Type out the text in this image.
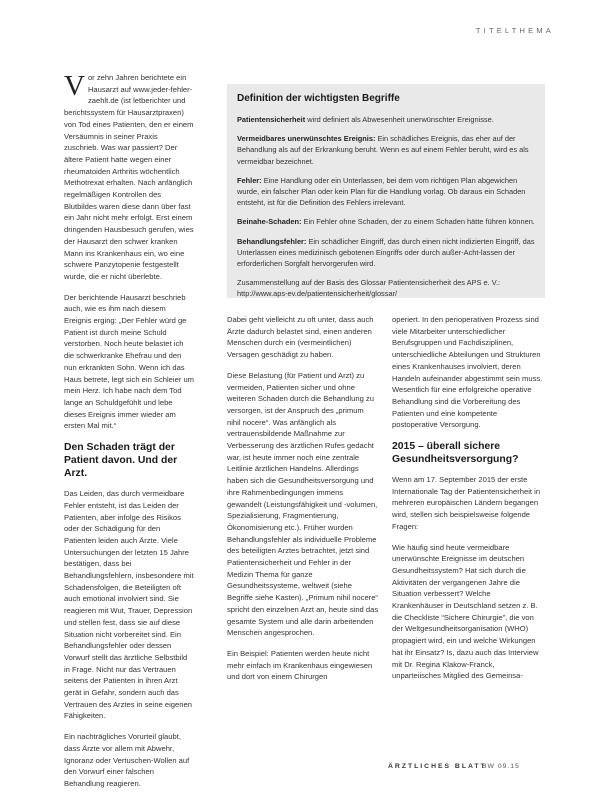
TITELTHEMA

Vor zehn Jahren berichtete ein Hausarzt auf www.jeder-fehler-zaehlt.de (ist letberichter und berichtssystem für Hausarztpraxen) von Tod eines Patienten, den er einem Versäumnis in seiner Praxis zuschrieb. Was war passiert? Der ältere Patient hatte wegen einer rheumatoiden Arthritis wöchentlich Methotrexat erhalten. Nach anfänglich regelmäßigen Kontrollen des Blutbildes waren diese dann über fast ein Jahr nicht mehr erfolgt. Erst einem dringenden Hausbesuch gerufen, wies der Hausarzt den schwer kranken Mann ins Krankenhaus ein, wo eine schwere Panzytopenie festgestellt wurde, die er nicht überlebte.

Der berichtende Hausarzt beschrieb auch, wie es ihm nach diesem Ereignis erging: „Der Fehler würd ge Patient ist durch meine Schuld verstorben. Noch heute belastet ich die schwerkranke Ehefrau und den nun erkrankten Sohn. Wenn ich das Haus betrete, legt sich ein Schleier um mein Herz. Ich habe nach dem Tod lange an Schuldgefühlt und lebe dieses Ereignis immer wieder am ersten Mal mit.“

Den Schaden trägt der Patient davon. Und der Arzt.

Das Leiden, das durch vermeidbare Fehler entsteht, ist das Leiden der Patienten, aber infolge des Risikos oder der Schädigung für den Patienten leiden auch Ärzte. Viele Untersuchungen der letzten 15 Jahre bestätigen, dass bei Behandlungsfehlern, insbesondere mit Schadensfolgen, die Beteiligten oft auch emotional involviert sind. Sie reagieren mit Wut, Trauer, Depression und stellen fest, dass sie auf diese Situation nicht vorbereitet sind. Ein Behandlungsfehler oder dessen Vorwurf stellt das ärztliche Selbstbild in Frage. Nicht nur das Vertrauen seitens der Patienten in ihren Arzt gerät in Gefahr, sondern auch das Vertrauen des Arztes in seine eigenen Fähigkeiten.

Ein nachträgliches Vorurteil glaubt, dass Ärzte vor allem mit Abwehr, Ignoranz oder Vertuschen-Wollen auf den Vorwurf einer falschen Behandlung reagieren.

Definition der wichtigsten Begriffe

Patientensicherheit wird definiert als Abwesenheit unerwünschter Ereignisse.

Vermeidbares unerwünschtes Ereignis: Ein schädliches Ereignis, das eher auf der Behandlung als auf der Erkrankung beruht. Wenn es auf einem Fehler beruht, wird es als vermeidbar bezeichnet.

Fehler: Eine Handlung oder ein Unterlassen, bei dem vom richtigen Plan abgewichen wurde, ein falscher Plan oder kein Plan für die Handlung vorlag. Ob daraus ein Schaden entsteht, ist für die Definition des Fehlers irrelevant.

Beinahe-Schaden: Ein Fehler ohne Schaden, der zu einem Schaden hätte führen können.

Behandlungsfehler: Ein schädlicher Eingriff, das durch einen nicht indizierten Eingriff, das Unterlassen eines medizinisch gebotenen Eingriffs oder durch außer-Acht-lassen der erforderlichen Sorgfalt hervorgerufen wird.

Zusammenstellung auf der Basis des Glossar Patientensicherheit des APS e. V.: http://www.aps-ev.de/patientensicherheit/glossar/

Dabei geht vielleicht zu oft unter, dass auch Ärzte dadurch belastet sind, einen anderen Menschen durch ein (vermeintlichen) Versagen geschädigt zu haben.

Diese Belastung (für Patient und Arzt) zu vermeiden, Patienten sicher und ohne weiteren Schaden durch die Behandlung zu versorgen, ist der Anspruch des „primum nihil nocere“. Was anfänglich als vertrauensbildende Maßnahme zur Verbesserung des ärztlichen Rufes gedacht war, ist heute immer noch eine zentrale Leitlinie ärztlichen Handelns. Allerdings haben sich die Gesundheitsversorgung und ihre Rahmenbedingungen immens gewandelt (Leistungsfähigkeit und -volumen, Spezialisierung, Fragmentierung, Ökonomisierung etc.). Früher wurden Behandlungsfehler als individuelle Probleme des beteiligten Arztes betrachtet, jetzt sind Patientensicherheit und Fehler in der Medizin Thema für ganze Gesundheitssysteme, weltweit (siehe Begriffe siehe Kasten). „Primum nihil nocere“ spricht den einzelnen Arzt an, heute sind das gesamte System und alle darin arbeitenden Menschen angesprochen.

Ein Beispiel: Patienten werden heute nicht mehr einfach im Krankenhaus eingewiesen und dort von einem Chirurgen

operiert. In den perioperativen Prozess sind viele Mitarbeiter unterschiedlicher Berufsgruppen und Fachdisziplinen, unterschiedliche Abteilungen und Strukturen eines Krankenhauses involviert, deren Handeln aufeinander abgestimmt sein muss. Wesentlich für eine erfolgreiche operative Behandlung sind die Vorbereitung des Patienten und eine kompetente postoperative Versorgung.

2015 – überall sichere Gesundheitsversorgung?

Wenn am 17. September 2015 der erste Internationale Tag der Patientensicherheit in mehreren europäischen Ländern begangen wird, stellen sich beispielsweise folgende Fragen:

Wie häufig sind heute vermeidbare unerwünschte Ereignisse im deutschen Gesundheitssystem? Hat sich durch die Aktivitäten der vergangenen Jahre die Situation verbessert? Welche Krankenhäuser in Deutschland setzen z. B. die Checkliste “Sichere Chirurgie”, die von der Weltgesundheitsorganisation (WHO) propagiert wird, ein und welche Wirkungen hat ihr Einsatz? Is, dazu auch das Interview mit Dr. Regina Klakow-Franck, unparteiisches Mitglied des Gemeinsa-

ÄRZTLICHES BLATT
BW 09.15
